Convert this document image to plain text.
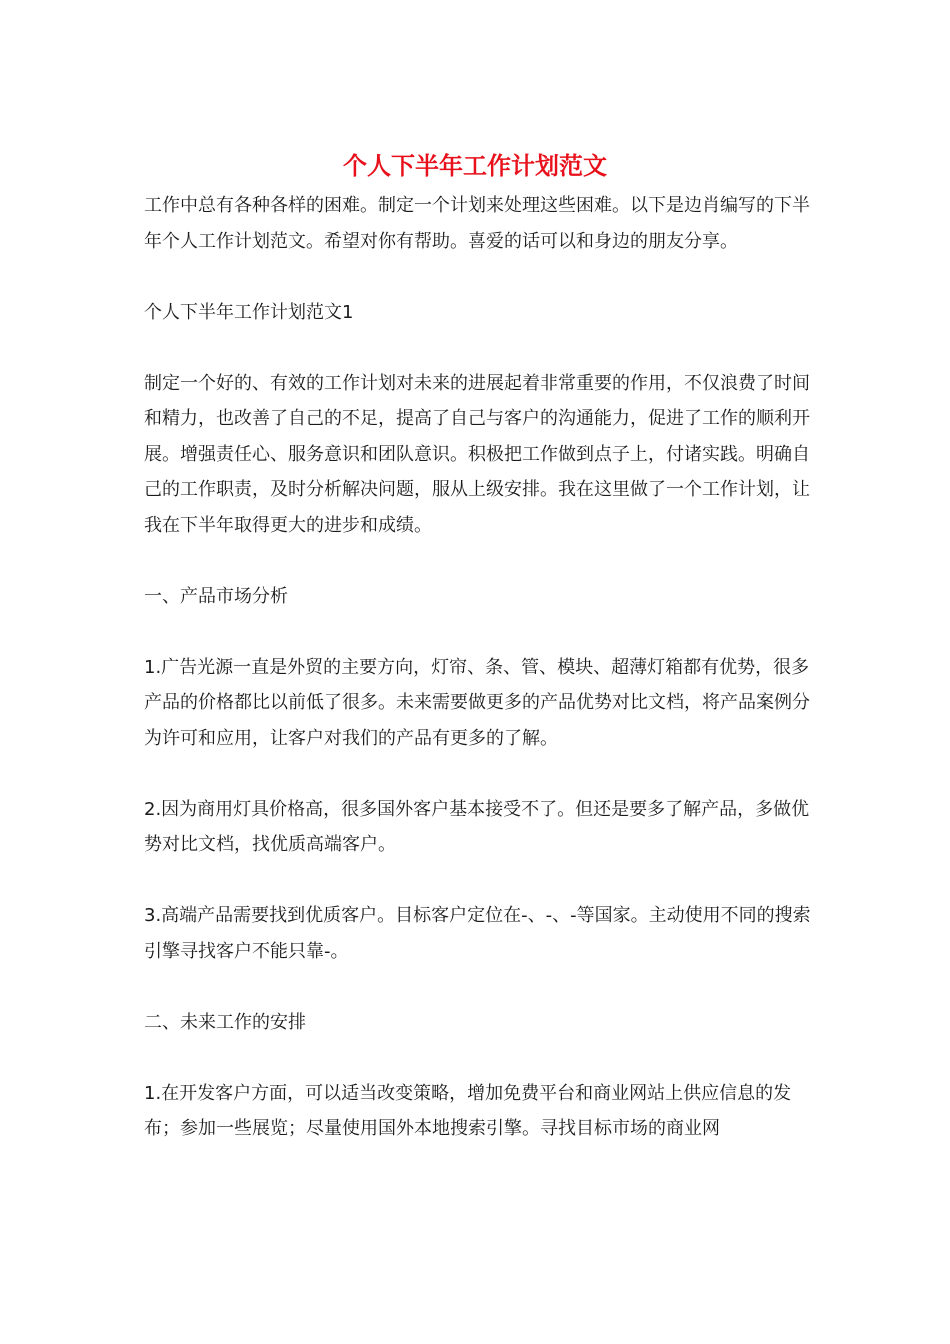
个人下半年工作计划范文

工作中总有各种各样的困难。制定一个计划来处理这些困难。以下是边肖编写的下半年个人工作计划范文。希望对你有帮助。喜爱的话可以和身边的朋友分享。

个人下半年工作计划范文1

制定一个好的、有效的工作计划对未来的进展起着非常重要的作用，不仅浪费了时间和精力，也改善了自己的不足，提高了自己与客户的沟通能力，促进了工作的顺利开展。增强责任心、服务意识和团队意识。积极把工作做到点子上，付诸实践。明确自己的工作职责，及时分析解决问题，服从上级安排。我在这里做了一个工作计划，让我在下半年取得更大的进步和成绩。

一、产品市场分析

1.广告光源一直是外贸的主要方向，灯帘、条、管、模块、超薄灯箱都有优势，很多产品的价格都比以前低了很多。未来需要做更多的产品优势对比文档，将产品案例分为许可和应用，让客户对我们的产品有更多的了解。

2.因为商用灯具价格高，很多国外客户基本接受不了。但还是要多了解产品，多做优势对比文档，找优质高端客户。

3.高端产品需要找到优质客户。目标客户定位在-、-、-等国家。主动使用不同的搜索引擎寻找客户不能只靠-。

二、未来工作的安排

1.在开发客户方面，可以适当改变策略，增加免费平台和商业网站上供应信息的发布；参加一些展览；尽量使用国外本地搜索引擎。寻找目标市场的商业网
